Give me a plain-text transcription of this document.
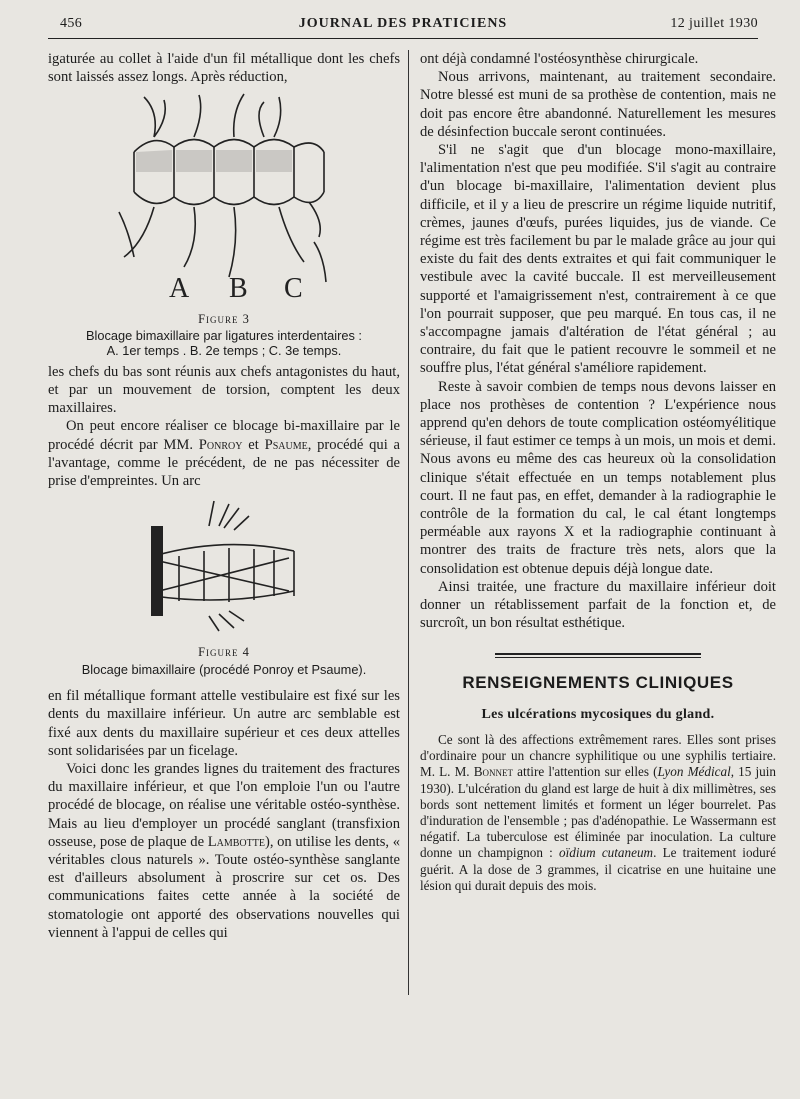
456	JOURNAL DES PRATICIENS	12 juillet 1930

igaturée au collet à l'aide d'un fil métallique dont les chefs sont laissés assez longs. Après réduction,

A B C
Figure 3
Blocage bimaxillaire par ligatures interdentaires :
A. 1er temps . B. 2e temps ; C. 3e temps.

les chefs du bas sont réunis aux chefs antagonistes du haut, et par un mouvement de torsion, comptent les deux maxillaires.

On peut encore réaliser ce blocage bi-maxillaire par le procédé décrit par MM. Ponroy et Psaume, procédé qui a l'avantage, comme le précédent, de ne pas nécessiter de prise d'empreintes. Un arc

Figure 4
Blocage bimaxillaire (procédé Ponroy et Psaume).

en fil métallique formant attelle vestibulaire est fixé sur les dents du maxillaire inférieur. Un autre arc semblable est fixé aux dents du maxillaire supérieur et ces deux attelles sont solidarisées par un ficelage.

Voici donc les grandes lignes du traitement des fractures du maxillaire inférieur, et que l'on emploie l'un ou l'autre procédé de blocage, on réalise une véritable ostéo-synthèse. Mais au lieu d'employer un procédé sanglant (transfixion osseuse, pose de plaque de Lambotte), on utilise les dents, « véritables clous naturels ». Toute ostéo-synthèse sanglante est d'ailleurs absolument à proscrire sur cet os. Des communications faites cette année à la société de stomatologie ont apporté des observations nouvelles qui viennent à l'appui de celles qui

ont déjà condamné l'ostéosynthèse chirurgicale.

Nous arrivons, maintenant, au traitement secondaire. Notre blessé est muni de sa prothèse de contention, mais ne doit pas encore être abandonné. Naturellement les mesures de désinfection buccale seront continuées.

S'il ne s'agit que d'un blocage mono-maxillaire, l'alimentation n'est que peu modifiée. S'il s'agit au contraire d'un blocage bi-maxillaire, l'alimentation devient plus difficile, et il y a lieu de prescrire un régime liquide nutritif, crèmes, jaunes d'œufs, purées liquides, jus de viande. Ce régime est très facilement bu par le malade grâce au jour qui existe du fait des dents extraites et qui fait communiquer le vestibule avec la cavité buccale. Il est merveilleusement supporté et l'amaigrissement n'est, contrairement à ce que l'on pourrait supposer, que peu marqué. En tous cas, il ne s'accompagne jamais d'altération de l'état général ; au contraire, du fait que le patient recouvre le sommeil et ne souffre plus, l'état général s'améliore rapidement.

Reste à savoir combien de temps nous devons laisser en place nos prothèses de contention ? L'expérience nous apprend qu'en dehors de toute complication ostéomyélitique sérieuse, il faut estimer ce temps à un mois, un mois et demi. Nous avons eu même des cas heureux où la consolidation clinique s'était effectuée en un temps notablement plus court. Il ne faut pas, en effet, demander à la radiographie le contrôle de la formation du cal, le cal étant longtemps perméable aux rayons X et la radiographie continuant à montrer des traits de fracture très nets, alors que la consolidation est obtenue depuis déjà longue date.

Ainsi traitée, une fracture du maxillaire inférieur doit donner un rétablissement parfait de la fonction et, de surcroît, un bon résultat esthétique.

RENSEIGNEMENTS CLINIQUES
Les ulcérations mycosiques du gland.

Ce sont là des affections extrêmement rares. Elles sont prises d'ordinaire pour un chancre syphilitique ou une syphilis tertiaire. M. L. M. Bonnet attire l'attention sur elles (Lyon Médical, 15 juin 1930). L'ulcération du gland est large de huit à dix millimètres, ses bords sont nettement limités et forment un léger bourrelet. Pas d'induration de l'ensemble ; pas d'adénopathie. Le Wassermann est négatif. La tuberculose est éliminée par inoculation. La culture donne un champignon : oïdium cutaneum. Le traitement ioduré guérit. A la dose de 3 grammes, il cicatrise en une huitaine une lésion qui durait depuis des mois.
